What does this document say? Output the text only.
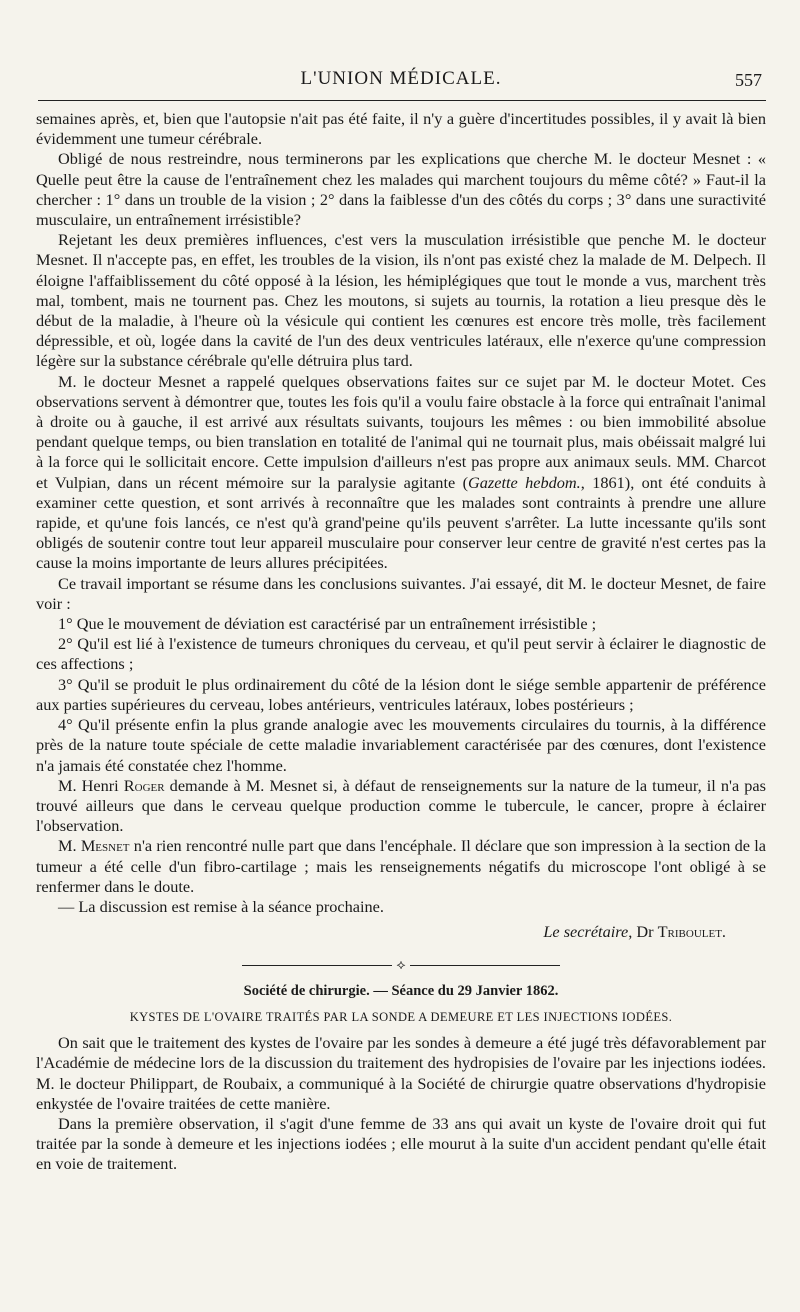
L'UNION MÉDICALE.	557

semaines après, et, bien que l'autopsie n'ait pas été faite, il n'y a guère d'incertitudes possibles, il y avait là bien évidemment une tumeur cérébrale.

Obligé de nous restreindre, nous terminerons par les explications que cherche M. le docteur Mesnet : « Quelle peut être la cause de l'entraînement chez les malades qui marchent toujours du même côté? » Faut-il la chercher : 1° dans un trouble de la vision ; 2° dans la faiblesse d'un des côtés du corps ; 3° dans une suractivité musculaire, un entraînement irrésistible?

Rejetant les deux premières influences, c'est vers la musculation irrésistible que penche M. le docteur Mesnet. Il n'accepte pas, en effet, les troubles de la vision, ils n'ont pas existé chez la malade de M. Delpech. Il éloigne l'affaiblissement du côté opposé à la lésion, les hémiplégiques que tout le monde a vus, marchent très mal, tombent, mais ne tournent pas. Chez les moutons, si sujets au tournis, la rotation a lieu presque dès le début de la maladie, à l'heure où la vésicule qui contient les cœnures est encore très molle, très facilement dépressible, et où, logée dans la cavité de l'un des deux ventricules latéraux, elle n'exerce qu'une compression légère sur la substance cérébrale qu'elle détruira plus tard.

M. le docteur Mesnet a rappelé quelques observations faites sur ce sujet par M. le docteur Motet. Ces observations servent à démontrer que, toutes les fois qu'il a voulu faire obstacle à la force qui entraînait l'animal à droite ou à gauche, il est arrivé aux résultats suivants, toujours les mêmes : ou bien immobilité absolue pendant quelque temps, ou bien translation en totalité de l'animal qui ne tournait plus, mais obéissait malgré lui à la force qui le sollicitait encore. Cette impulsion d'ailleurs n'est pas propre aux animaux seuls. MM. Charcot et Vulpian, dans un récent mémoire sur la paralysie agitante (Gazette hebdom., 1861), ont été conduits à examiner cette question, et sont arrivés à reconnaître que les malades sont contraints à prendre une allure rapide, et qu'une fois lancés, ce n'est qu'à grand'peine qu'ils peuvent s'arrêter. La lutte incessante qu'ils sont obligés de soutenir contre tout leur appareil musculaire pour conserver leur centre de gravité n'est certes pas la cause la moins importante de leurs allures précipitées.

Ce travail important se résume dans les conclusions suivantes. J'ai essayé, dit M. le docteur Mesnet, de faire voir :

1° Que le mouvement de déviation est caractérisé par un entraînement irrésistible ;

2° Qu'il est lié à l'existence de tumeurs chroniques du cerveau, et qu'il peut servir à éclairer le diagnostic de ces affections ;

3° Qu'il se produit le plus ordinairement du côté de la lésion dont le siége semble appartenir de préférence aux parties supérieures du cerveau, lobes antérieurs, ventricules latéraux, lobes postérieurs ;

4° Qu'il présente enfin la plus grande analogie avec les mouvements circulaires du tournis, à la différence près de la nature toute spéciale de cette maladie invariablement caractérisée par des cœnures, dont l'existence n'a jamais été constatée chez l'homme.

M. Henri Roger demande à M. Mesnet si, à défaut de renseignements sur la nature de la tumeur, il n'a pas trouvé ailleurs que dans le cerveau quelque production comme le tubercule, le cancer, propre à éclairer l'observation.

M. Mesnet n'a rien rencontré nulle part que dans l'encéphale. Il déclare que son impression à la section de la tumeur a été celle d'un fibro-cartilage ; mais les renseignements négatifs du microscope l'ont obligé à se renfermer dans le doute.

— La discussion est remise à la séance prochaine.

Le secrétaire, Dr Triboulet.
⟡
Société de chirurgie. — Séance du 29 Janvier 1862.
KYSTES DE L'OVAIRE TRAITÉS PAR LA SONDE A DEMEURE ET LES INJECTIONS IODÉES.

On sait que le traitement des kystes de l'ovaire par les sondes à demeure a été jugé très défavorablement par l'Académie de médecine lors de la discussion du traitement des hydropisies de l'ovaire par les injections iodées. M. le docteur Philippart, de Roubaix, a communiqué à la Société de chirurgie quatre observations d'hydropisie enkystée de l'ovaire traitées de cette manière.

Dans la première observation, il s'agit d'une femme de 33 ans qui avait un kyste de l'ovaire droit qui fut traitée par la sonde à demeure et les injections iodées ; elle mourut à la suite d'un accident pendant qu'elle était en voie de traitement.
